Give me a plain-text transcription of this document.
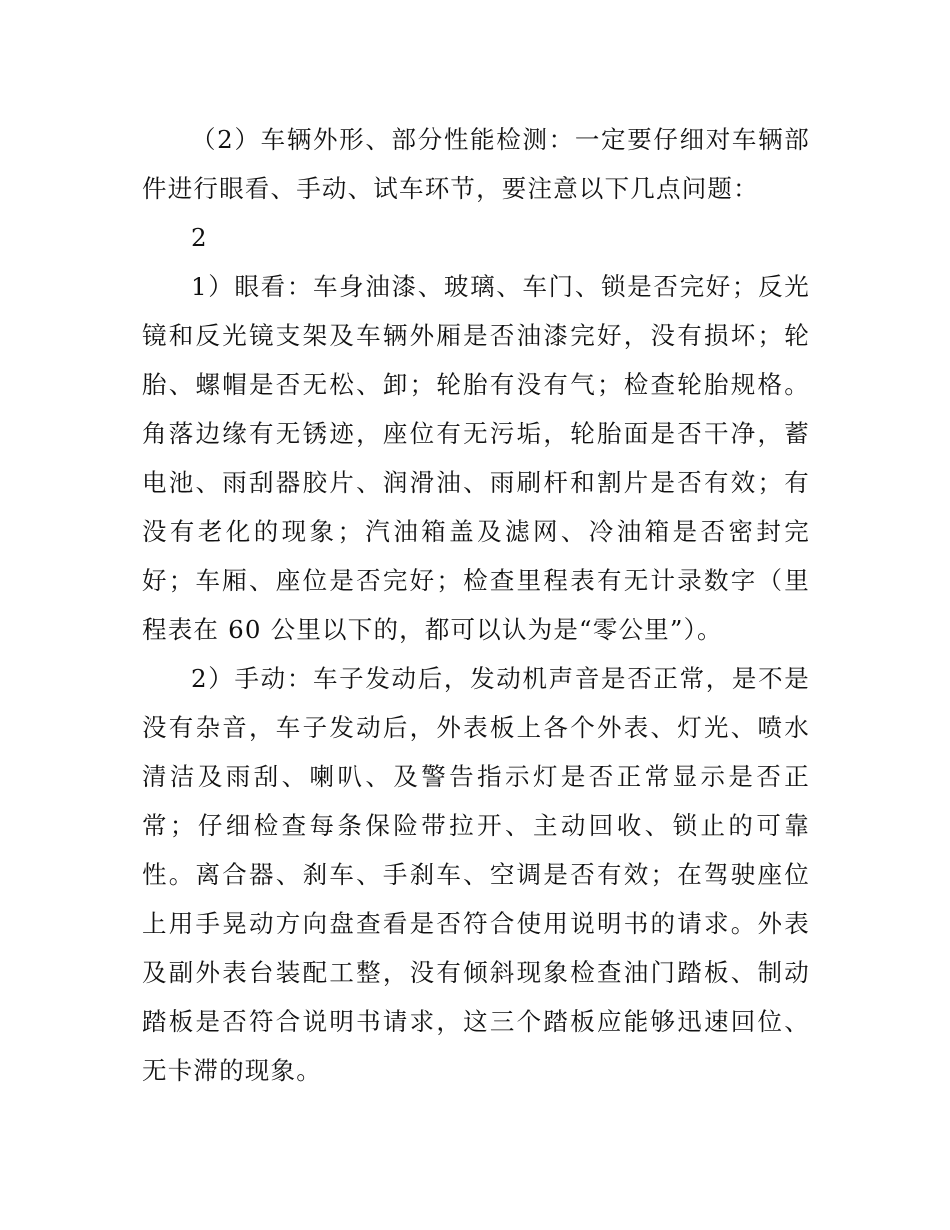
（2）车辆外形、部分性能检测：一定要仔细对车辆部件进行眼看、手动、试车环节，要注意以下几点问题：

2

1）眼看：车身油漆、玻璃、车门、锁是否完好；反光镜和反光镜支架及车辆外厢是否油漆完好，没有损坏；轮胎、螺帽是否无松、卸；轮胎有没有气；检查轮胎规格。角落边缘有无锈迹，座位有无污垢，轮胎面是否干净，蓄电池、雨刮器胶片、润滑油、雨刷杆和割片是否有效；有没有老化的现象；汽油箱盖及滤网、冷油箱是否密封完好；车厢、座位是否完好；检查里程表有无计录数字（里程表在 60 公里以下的，都可以认为是“零公里”）。

2）手动：车子发动后，发动机声音是否正常，是不是没有杂音，车子发动后，外表板上各个外表、灯光、喷水清洁及雨刮、喇叭、及警告指示灯是否正常显示是否正常；仔细检查每条保险带拉开、主动回收、锁止的可靠性。离合器、刹车、手刹车、空调是否有效；在驾驶座位上用手晃动方向盘查看是否符合使用说明书的请求。外表及副外表台装配工整，没有倾斜现象检查油门踏板、制动踏板是否符合说明书请求，这三个踏板应能够迅速回位、无卡滞的现象。
